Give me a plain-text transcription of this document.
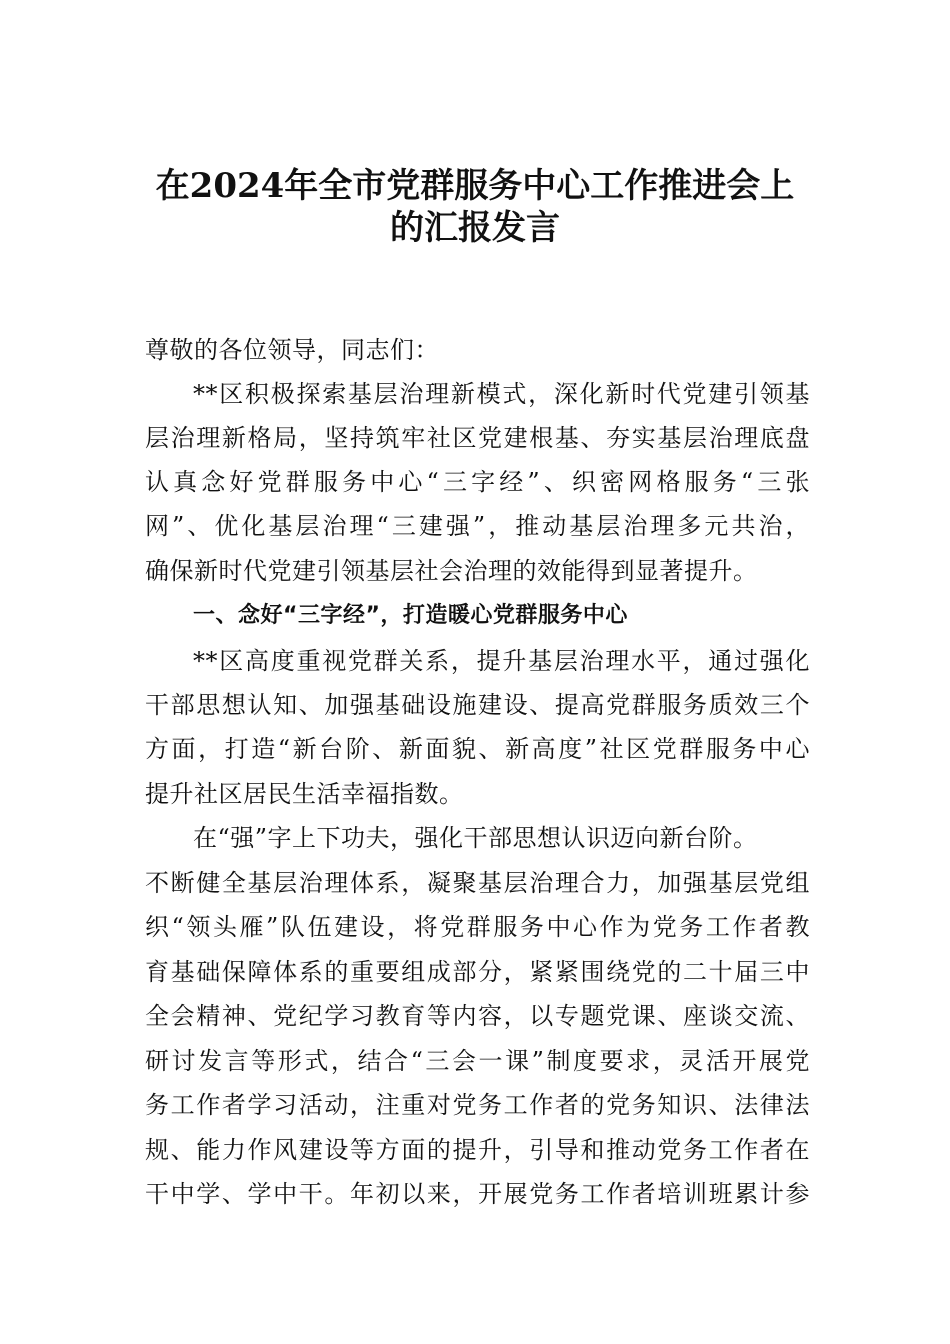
在2024年全市党群服务中心工作推进会上
的汇报发言

尊敬的各位领导，同志们：

**区积极探索基层治理新模式，深化新时代党建引领基

层治理新格局，坚持筑牢社区党建根基、夯实基层治理底盘

认真念好党群服务中心“三字经”、织密网格服务“三张

网”、优化基层治理“三建强”，推动基层治理多元共治，

确保新时代党建引领基层社会治理的效能得到显著提升。

一、念好“三字经”，打造暖心党群服务中心

**区高度重视党群关系，提升基层治理水平，通过强化

干部思想认知、加强基础设施建设、提高党群服务质效三个

方面，打造“新台阶、新面貌、新高度”社区党群服务中心

提升社区居民生活幸福指数。

在“强”字上下功夫，强化干部思想认识迈向新台阶。

不断健全基层治理体系，凝聚基层治理合力，加强基层党组

织“领头雁”队伍建设，将党群服务中心作为党务工作者教

育基础保障体系的重要组成部分，紧紧围绕党的二十届三中

全会精神、党纪学习教育等内容，以专题党课、座谈交流、

研讨发言等形式，结合“三会一课”制度要求，灵活开展党

务工作者学习活动，注重对党务工作者的党务知识、法律法

规、能力作风建设等方面的提升，引导和推动党务工作者在

干中学、学中干。年初以来，开展党务工作者培训班累计参
